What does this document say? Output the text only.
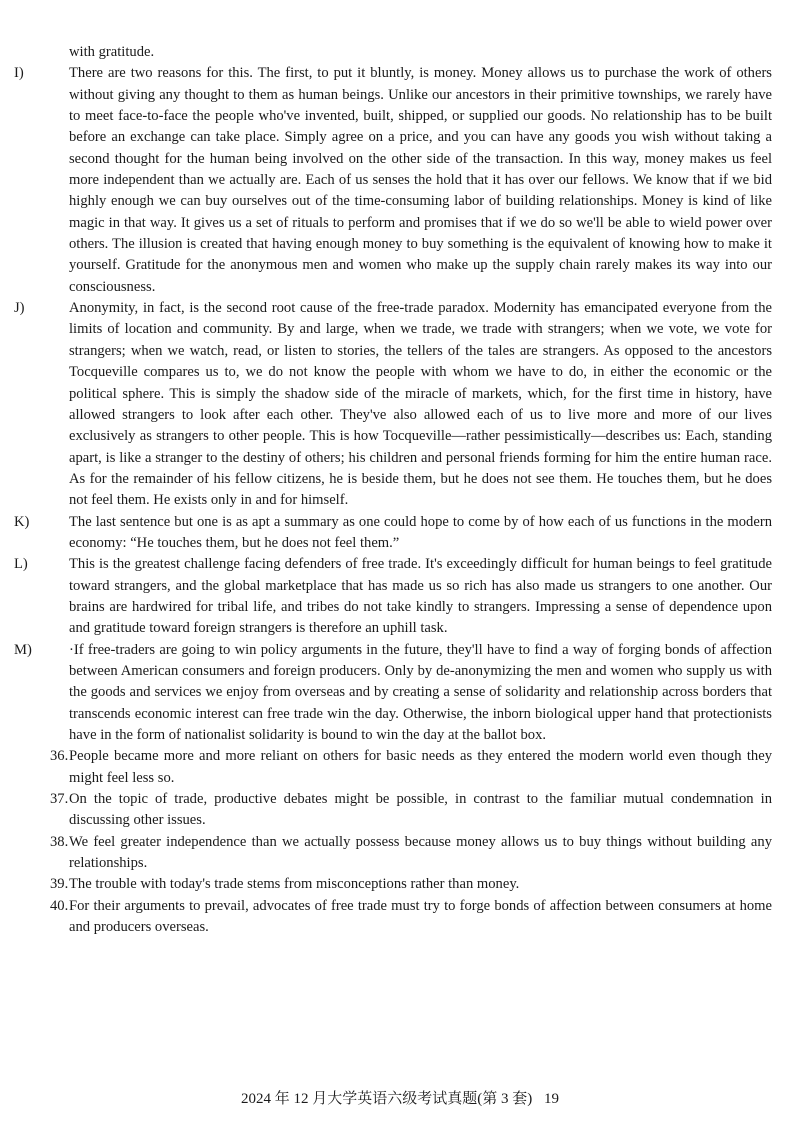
with gratitude.

I)	There are two reasons for this. The first, to put it bluntly, is money. Money allows us to purchase the work of others without giving any thought to them as human beings. Unlike our ancestors in their primitive townships, we rarely have to meet face-to-face the people who've invented, built, shipped, or supplied our goods. No relationship has to be built before an exchange can take place. Simply agree on a price, and you can have any goods you wish without taking a second thought for the human being involved on the other side of the transaction. In this way, money makes us feel more independent than we actually are. Each of us senses the hold that it has over our fellows. We know that if we bid highly enough we can buy ourselves out of the time-consuming labor of building relationships. Money is kind of like magic in that way. It gives us a set of rituals to perform and promises that if we do so we'll be able to wield power over others. The illusion is created that having enough money to buy something is the equivalent of knowing how to make it yourself. Gratitude for the anonymous men and women who make up the supply chain rarely makes its way into our consciousness.
J)	Anonymity, in fact, is the second root cause of the free-trade paradox. Modernity has emancipated everyone from the limits of location and community. By and large, when we trade, we trade with strangers; when we vote, we vote for strangers; when we watch, read, or listen to stories, the tellers of the tales are strangers. As opposed to the ancestors Tocqueville compares us to, we do not know the people with whom we have to do, in either the economic or the political sphere. This is simply the shadow side of the miracle of markets, which, for the first time in history, have allowed strangers to look after each other. They've also allowed each of us to live more and more of our lives exclusively as strangers to other people. This is how Tocqueville—rather pessimistically—describes us: Each, standing apart, is like a stranger to the destiny of others; his children and personal friends forming for him the entire human race. As for the remainder of his fellow citizens, he is beside them, but he does not see them. He touches them, but he does not feel them. He exists only in and for himself.
K)	The last sentence but one is as apt a summary as one could hope to come by of how each of us functions in the modern economy: “He touches them, but he does not feel them.”
L)	This is the greatest challenge facing defenders of free trade. It's exceedingly difficult for human beings to feel gratitude toward strangers, and the global marketplace that has made us so rich has also made us strangers to one another. Our brains are hardwired for tribal life, and tribes do not take kindly to strangers. Impressing a sense of dependence upon and gratitude toward foreign strangers is therefore an uphill task.
M)	·If free-traders are going to win policy arguments in the future, they'll have to find a way of forging bonds of affection between American consumers and foreign producers. Only by de-anonymizing the men and women who supply us with the goods and services we enjoy from overseas and by creating a sense of solidarity and relationship across borders that transcends economic interest can free trade win the day. Otherwise, the inborn biological upper hand that protectionists have in the form of nationalist solidarity is bound to win the day at the ballot box.
36. People became more and more reliant on others for basic needs as they entered the modern world even though they might feel less so.
37. On the topic of trade, productive debates might be possible, in contrast to the familiar mutual condemnation in discussing other issues.
38. We feel greater independence than we actually possess because money allows us to buy things without building any relationships.
39. The trouble with today's trade stems from misconceptions rather than money.
40. For their arguments to prevail, advocates of free trade must try to forge bonds of affection between consumers at home and producers overseas.
2024 年 12 月大学英语六级考试真题(第 3 套) 19
